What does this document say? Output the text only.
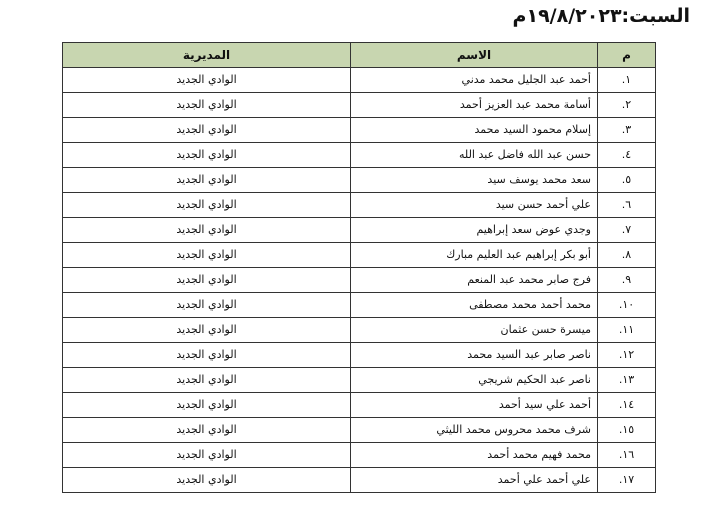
السبت:١٩/٨/٢٠٢٣م
م	الاسم	المديرية
١.	أحمد عبد الجليل محمد مدني	الوادي الجديد
٢.	أسامة محمد عبد العزيز أحمد	الوادي الجديد
٣.	إسلام محمود السيد محمد	الوادي الجديد
٤.	حسن عبد الله فاضل عبد الله	الوادي الجديد
٥.	سعد محمد يوسف سيد	الوادي الجديد
٦.	علي أحمد حسن سيد	الوادي الجديد
٧.	وجدي عوض سعد إبراهيم	الوادي الجديد
٨.	أبو بكر إبراهيم عبد العليم مبارك	الوادي الجديد
٩.	فرج صابر محمد عبد المنعم	الوادي الجديد
١٠.	محمد أحمد محمد مصطفى	الوادي الجديد
١١.	ميسرة حسن عثمان	الوادي الجديد
١٢.	ناصر صابر عبد السيد محمد	الوادي الجديد
١٣.	ناصر عبد الحكيم شريجي	الوادي الجديد
١٤.	أحمد علي سيد أحمد	الوادي الجديد
١٥.	شرف محمد محروس محمد الليثي	الوادي الجديد
١٦.	محمد فهيم محمد أحمد	الوادي الجديد
١٧.	علي أحمد علي أحمد	الوادي الجديد
